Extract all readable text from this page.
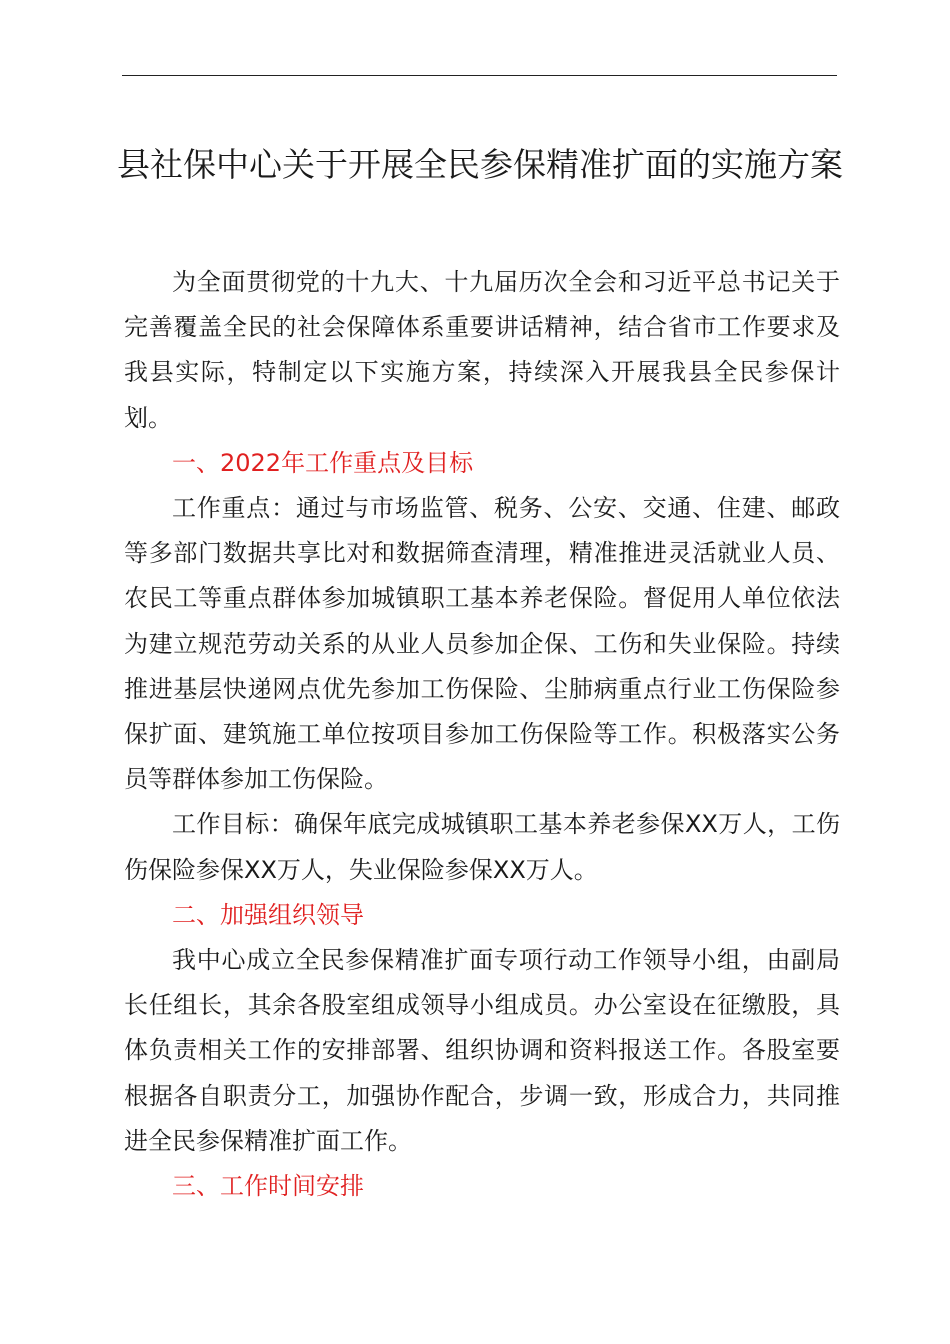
县社保中心关于开展全民参保精准扩面的实施方案

为全面贯彻党的十九大、十九届历次全会和习近平总书记关于完善覆盖全民的社会保障体系重要讲话精神，结合省市工作要求及我县实际，特制定以下实施方案，持续深入开展我县全民参保计划。

一、2022年工作重点及目标

工作重点：通过与市场监管、税务、公安、交通、住建、邮政等多部门数据共享比对和数据筛查清理，精准推进灵活就业人员、农民工等重点群体参加城镇职工基本养老保险。督促用人单位依法为建立规范劳动关系的从业人员参加企保、工伤和失业保险。持续推进基层快递网点优先参加工伤保险、尘肺病重点行业工伤保险参保扩面、建筑施工单位按项目参加工伤保险等工作。积极落实公务员等群体参加工伤保险。

工作目标：确保年底完成城镇职工基本养老参保XX万人，工伤伤保险参保XX万人，失业保险参保XX万人。

二、加强组织领导

我中心成立全民参保精准扩面专项行动工作领导小组，由副局长任组长，其余各股室组成领导小组成员。办公室设在征缴股，具体负责相关工作的安排部署、组织协调和资料报送工作。各股室要根据各自职责分工，加强协作配合，步调一致，形成合力，共同推进全民参保精准扩面工作。

三、工作时间安排
